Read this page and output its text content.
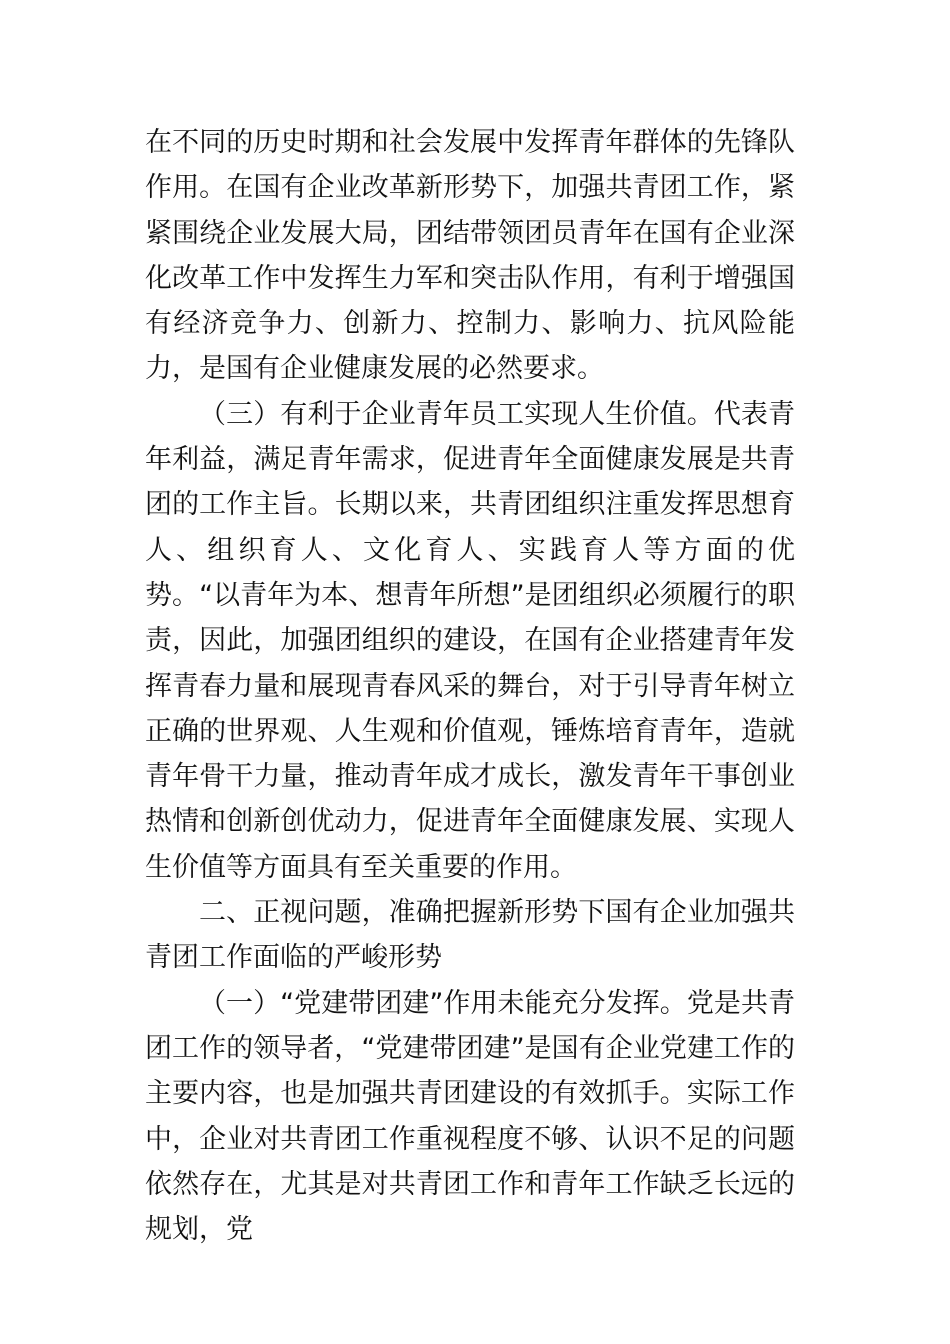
在不同的历史时期和社会发展中发挥青年群体的先锋队作用。在国有企业改革新形势下，加强共青团工作，紧紧围绕企业发展大局，团结带领团员青年在国有企业深化改革工作中发挥生力军和突击队作用，有利于增强国有经济竞争力、创新力、控制力、影响力、抗风险能力，是国有企业健康发展的必然要求。

（三）有利于企业青年员工实现人生价值。代表青年利益，满足青年需求，促进青年全面健康发展是共青团的工作主旨。长期以来，共青团组织注重发挥思想育人、组织育人、文化育人、实践育人等方面的优势。“以青年为本、想青年所想”是团组织必须履行的职责，因此，加强团组织的建设，在国有企业搭建青年发挥青春力量和展现青春风采的舞台，对于引导青年树立正确的世界观、人生观和价值观，锤炼培育青年，造就青年骨干力量，推动青年成才成长，激发青年干事创业热情和创新创优动力，促进青年全面健康发展、实现人生价值等方面具有至关重要的作用。

二、正视问题，准确把握新形势下国有企业加强共青团工作面临的严峻形势

（一）“党建带团建”作用未能充分发挥。党是共青团工作的领导者，“党建带团建”是国有企业党建工作的主要内容，也是加强共青团建设的有效抓手。实际工作中，企业对共青团工作重视程度不够、认识不足的问题依然存在，尤其是对共青团工作和青年工作缺乏长远的规划，党
